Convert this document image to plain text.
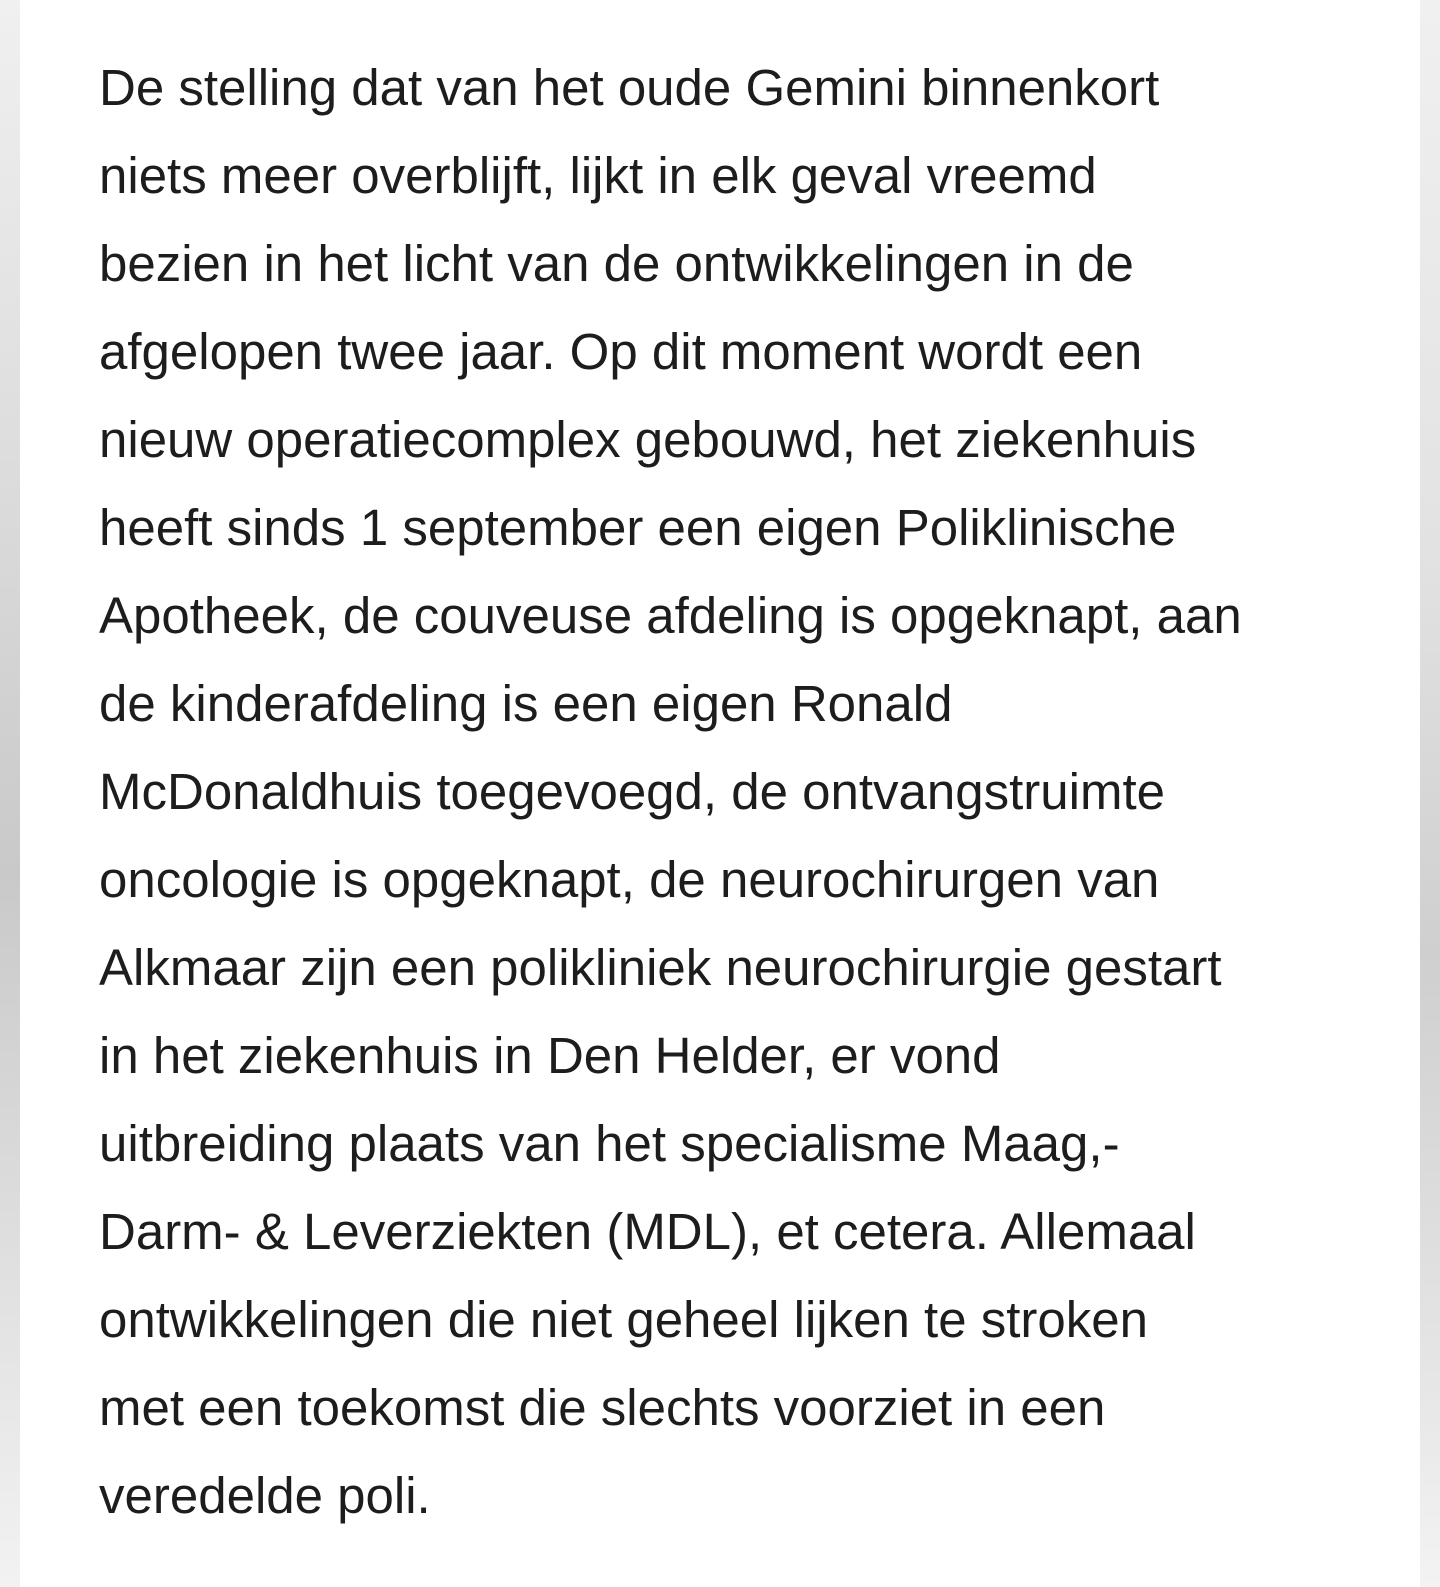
De stelling dat van het oude Gemini binnenkort
niets meer overblijft, lijkt in elk geval vreemd
bezien in het licht van de ontwikkelingen in de
afgelopen twee jaar. Op dit moment wordt een
nieuw operatiecomplex gebouwd, het ziekenhuis
heeft sinds 1 september een eigen Poliklinische
Apotheek, de couveuse afdeling is opgeknapt, aan
de kinderafdeling is een eigen Ronald
McDonaldhuis toegevoegd, de ontvangstruimte
oncologie is opgeknapt, de neurochirurgen van
Alkmaar zijn een polikliniek neurochirurgie gestart
in het ziekenhuis in Den Helder, er vond
uitbreiding plaats van het specialisme Maag,-
Darm- & Leverziekten (MDL), et cetera. Allemaal
ontwikkelingen die niet geheel lijken te stroken
met een toekomst die slechts voorziet in een
veredelde poli.
